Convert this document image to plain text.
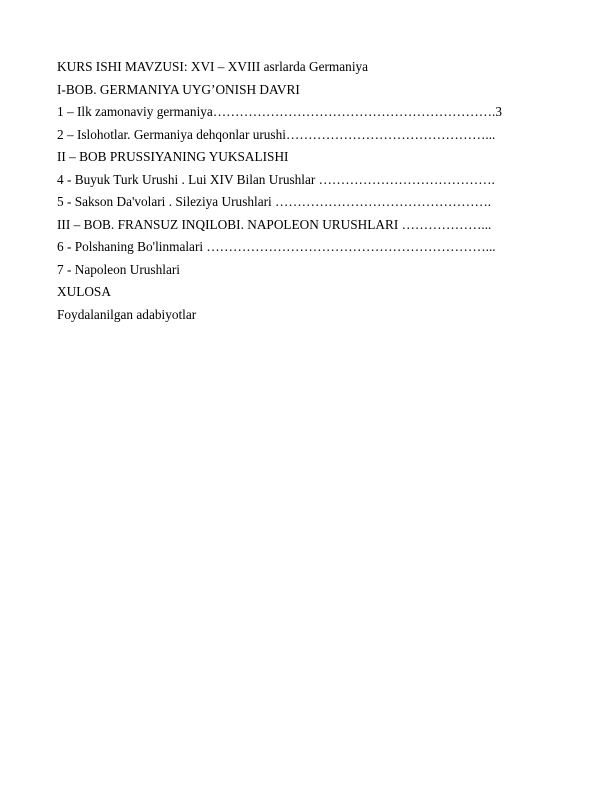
KURS ISHI MAVZUSI: XVI – XVIII asrlarda Germaniya
I-BOB. GERMANIYA UYG’ONISH DAVRI
1 – Ilk zamonaviy germaniya……………………………………………………….3
2 – Islohotlar. Germaniya dehqonlar urushi………………………………………...
II – BOB PRUSSIYANING YUKSALISHI
4 - Buyuk Turk Urushi . Lui XIV Bilan Urushlar ………………………………….
5 - Sakson Da'volari . Sileziya Urushlari ………………………………………….
III – BOB. FRANSUZ INQILOBI. NAPOLEON URUSHLARI ………………...
6 - Polshaning Bo'linmalari ………………………………………………………...
7 - Napoleon Urushlari
XULOSA
Foydalanilgan adabiyotlar
